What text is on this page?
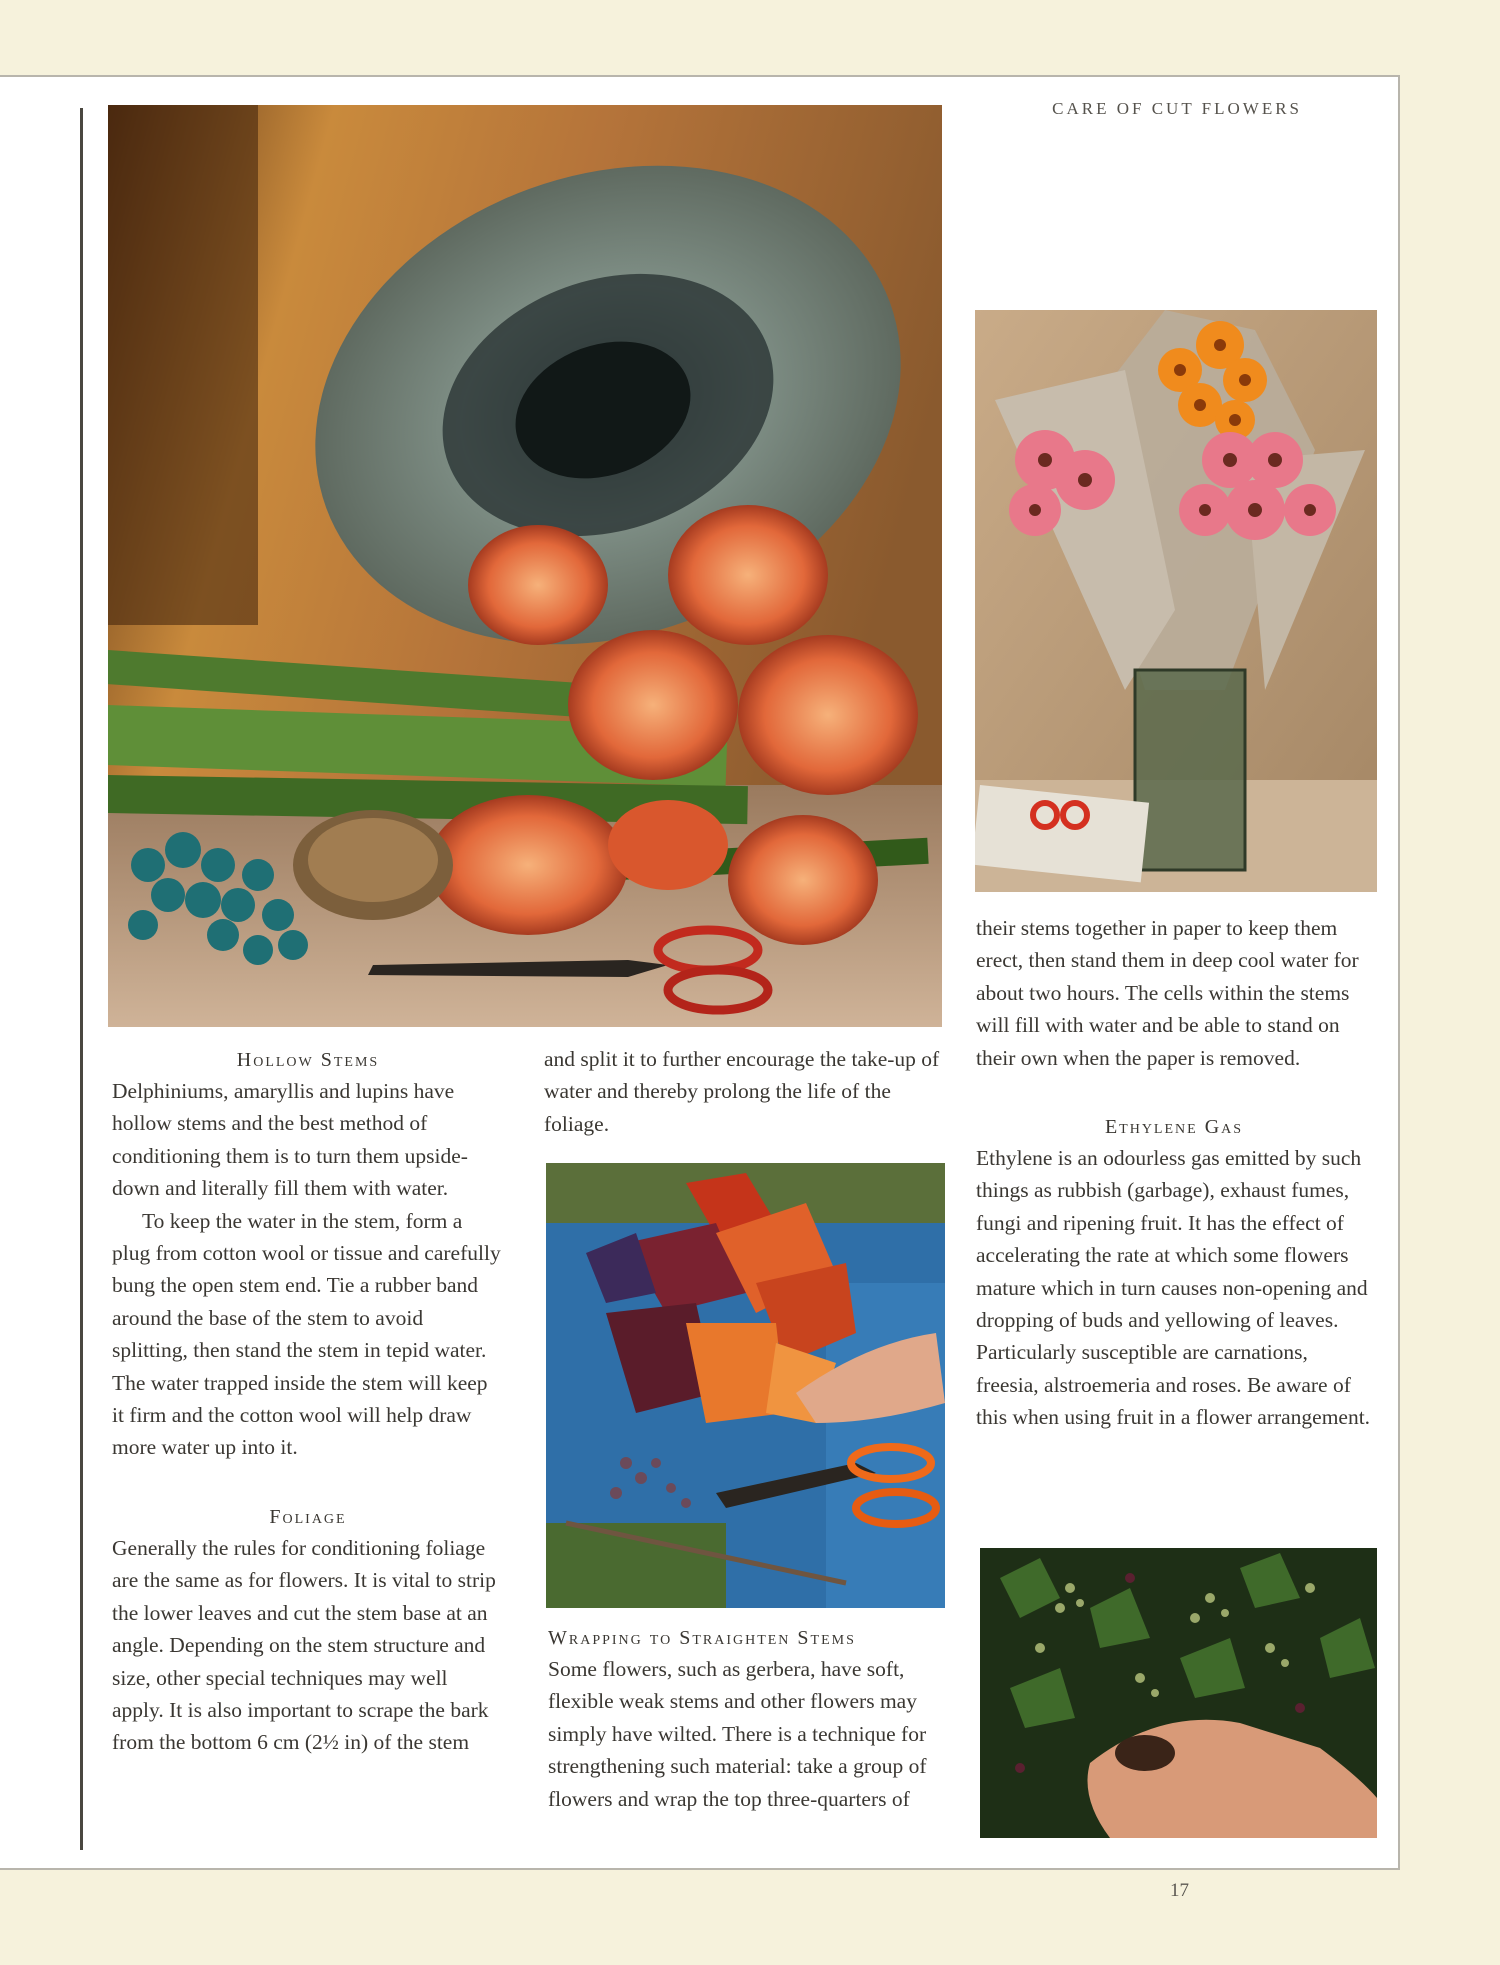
CARE OF CUT FLOWERS
Hollow Stems

Delphiniums, amaryllis and lupins have hollow stems and the best method of conditioning them is to turn them upside-down and literally fill them with water.

To keep the water in the stem, form a plug from cotton wool or tissue and carefully bung the open stem end. Tie a rubber band around the base of the stem to avoid splitting, then stand the stem in tepid water. The water trapped inside the stem will keep it firm and the cotton wool will help draw more water up into it.

Foliage

Generally the rules for conditioning foliage are the same as for flowers. It is vital to strip the lower leaves and cut the stem base at an angle. Depending on the stem structure and size, other special techniques may well apply. It is also important to scrape the bark from the bottom 6 cm (2½ in) of the stem

and split it to further encourage the take-up of water and thereby prolong the life of the foliage.

Wrapping to Straighten Stems

Some flowers, such as gerbera, have soft, flexible weak stems and other flowers may simply have wilted. There is a technique for strengthening such material: take a group of flowers and wrap the top three-quarters of

their stems together in paper to keep them erect, then stand them in deep cool water for about two hours. The cells within the stems will fill with water and be able to stand on their own when the paper is removed.

Ethylene Gas

Ethylene is an odourless gas emitted by such things as rubbish (garbage), exhaust fumes, fungi and ripening fruit. It has the effect of accelerating the rate at which some flowers mature which in turn causes non-opening and dropping of buds and yellowing of leaves. Particularly susceptible are carnations, freesia, alstroemeria and roses. Be aware of this when using fruit in a flower arrangement.

17
